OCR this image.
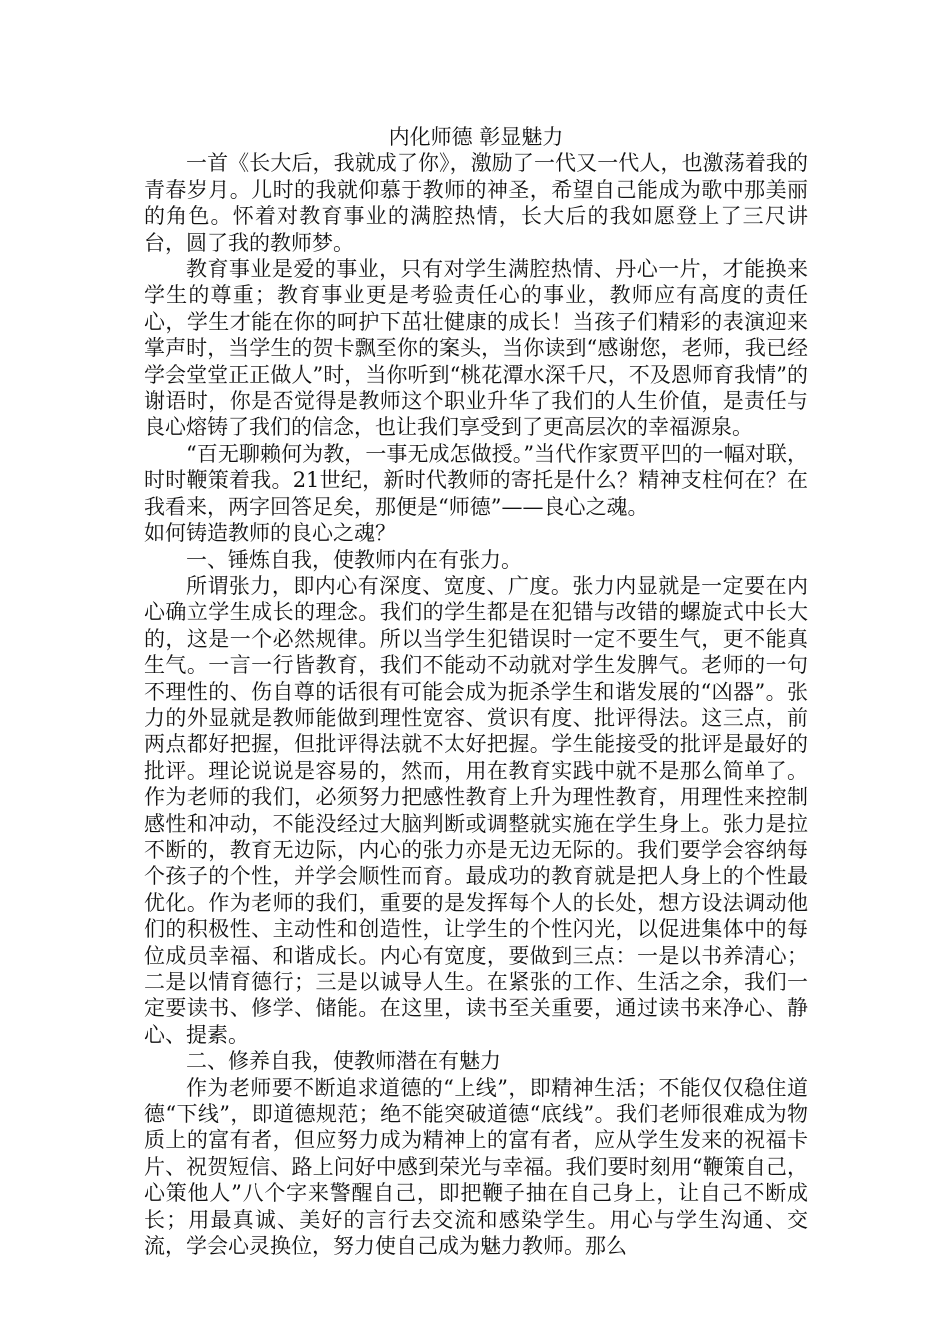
内化师德 彰显魅力

一首《长大后，我就成了你》，激励了一代又一代人，也激荡着我的青春岁月。儿时的我就仰慕于教师的神圣，希望自己能成为歌中那美丽的角色。怀着对教育事业的满腔热情，长大后的我如愿登上了三尺讲台，圆了我的教师梦。

教育事业是爱的事业，只有对学生满腔热情、丹心一片，才能换来学生的尊重；教育事业更是考验责任心的事业，教师应有高度的责任心，学生才能在你的呵护下茁壮健康的成长！当孩子们精彩的表演迎来掌声时，当学生的贺卡飘至你的案头，当你读到“感谢您，老师，我已经学会堂堂正正做人”时，当你听到“桃花潭水深千尺，不及恩师育我情”的谢语时，你是否觉得是教师这个职业升华了我们的人生价值，是责任与良心熔铸了我们的信念，也让我们享受到了更高层次的幸福源泉。

“百无聊赖何为教，一事无成怎做授。”当代作家贾平凹的一幅对联，时时鞭策着我。21世纪，新时代教师的寄托是什么？精神支柱何在？在我看来，两字回答足矣，那便是“师德”——良心之魂。

如何铸造教师的良心之魂？

一、锤炼自我，使教师内在有张力。

所谓张力，即内心有深度、宽度、广度。张力内显就是一定要在内心确立学生成长的理念。我们的学生都是在犯错与改错的螺旋式中长大的，这是一个必然规律。所以当学生犯错误时一定不要生气，更不能真生气。一言一行皆教育，我们不能动不动就对学生发脾气。老师的一句不理性的、伤自尊的话很有可能会成为扼杀学生和谐发展的“凶器”。张力的外显就是教师能做到理性宽容、赏识有度、批评得法。这三点，前两点都好把握，但批评得法就不太好把握。学生能接受的批评是最好的批评。理论说说是容易的，然而，用在教育实践中就不是那么简单了。作为老师的我们，必须努力把感性教育上升为理性教育，用理性来控制感性和冲动，不能没经过大脑判断或调整就实施在学生身上。张力是拉不断的，教育无边际，内心的张力亦是无边无际的。我们要学会容纳每个孩子的个性，并学会顺性而育。最成功的教育就是把人身上的个性最优化。作为老师的我们，重要的是发挥每个人的长处，想方设法调动他们的积极性、主动性和创造性，让学生的个性闪光，以促进集体中的每位成员幸福、和谐成长。内心有宽度，要做到三点：一是以书养清心；二是以情育德行；三是以诚导人生。在紧张的工作、生活之余，我们一定要读书、修学、储能。在这里，读书至关重要，通过读书来净心、静心、提素。

二、修养自我，使教师潜在有魅力

作为老师要不断追求道德的“上线”，即精神生活；不能仅仅稳住道德“下线”，即道德规范；绝不能突破道德“底线”。我们老师很难成为物质上的富有者，但应努力成为精神上的富有者，应从学生发来的祝福卡片、祝贺短信、路上问好中感到荣光与幸福。我们要时刻用“鞭策自己，心策他人”八个字来警醒自己，即把鞭子抽在自己身上，让自己不断成长；用最真诚、美好的言行去交流和感染学生。用心与学生沟通、交流，学会心灵换位，努力使自己成为魅力教师。那么
